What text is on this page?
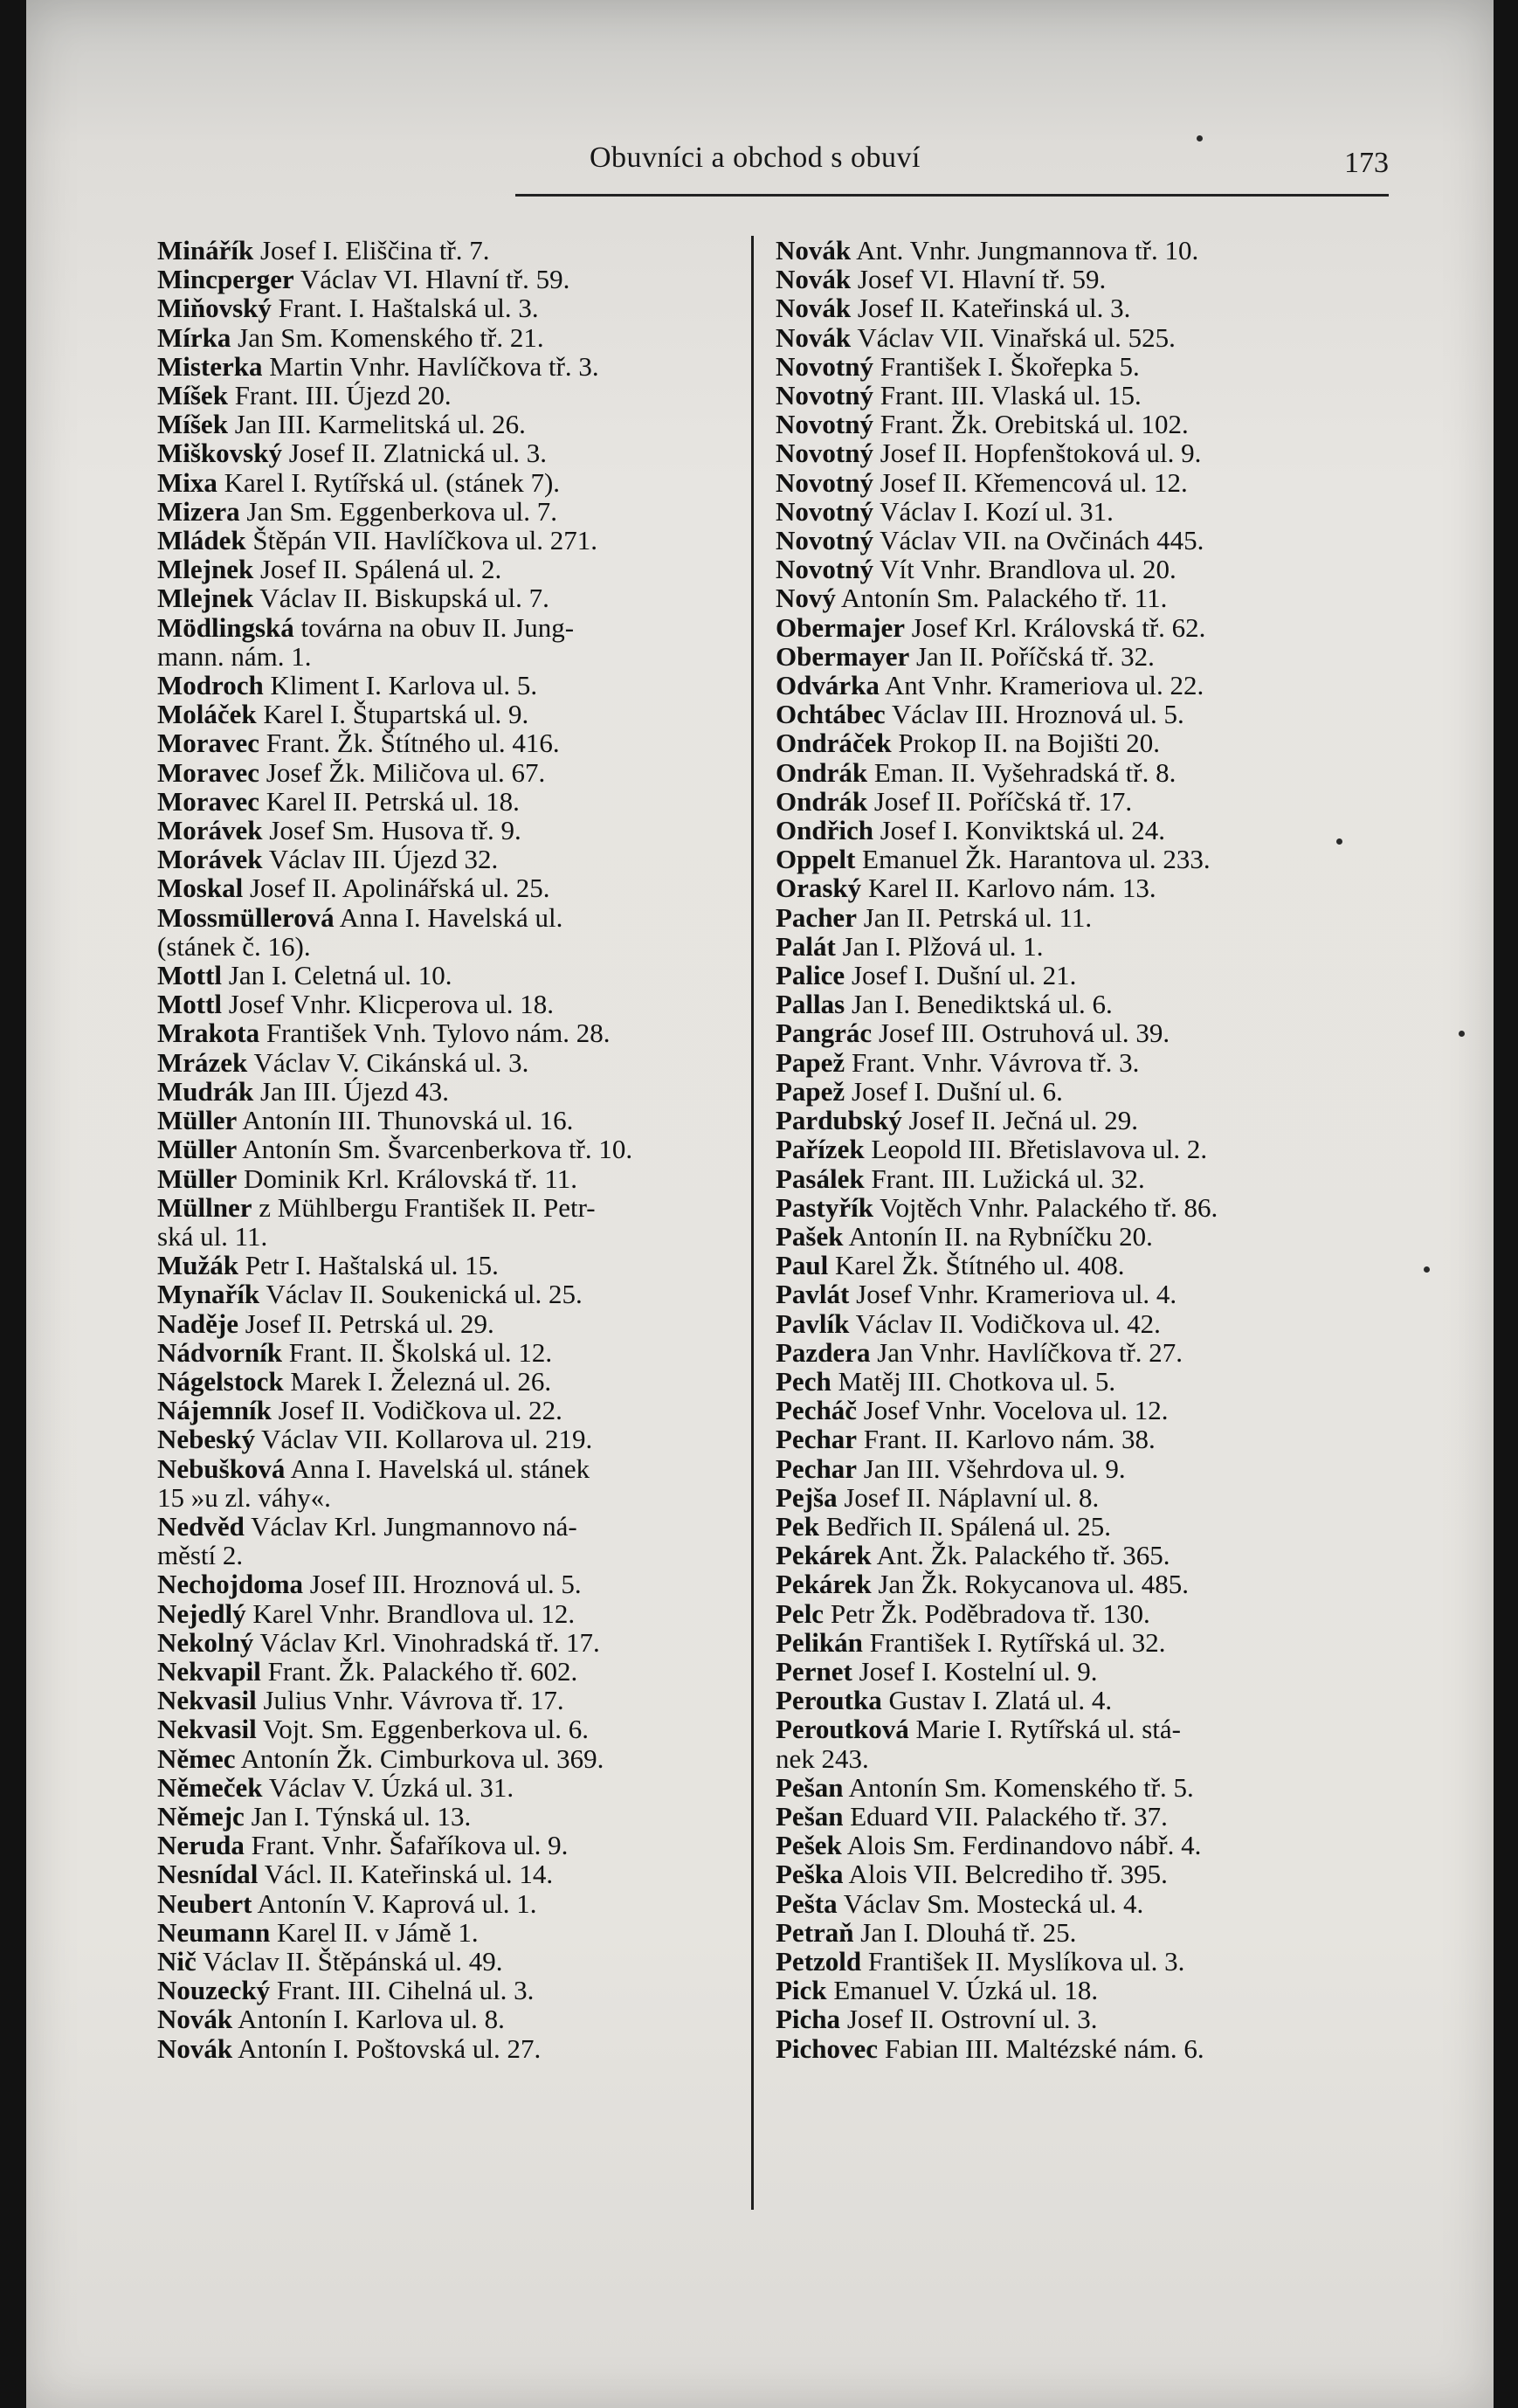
Obuvníci a obchod s obuví	173
Minářík Josef I. Eliščina tř. 7.
Mincperger Václav VI. Hlavní tř. 59.
Miňovský Frant. I. Haštalská ul. 3.
Mírka Jan Sm. Komenského tř. 21.
Misterka Martin Vnhr. Havlíčkova tř. 3.
Míšek Frant. III. Újezd 20.
Míšek Jan III. Karmelitská ul. 26.
Miškovský Josef II. Zlatnická ul. 3.
Mixa Karel I. Rytířská ul. (stánek 7).
Mizera Jan Sm. Eggenberkova ul. 7.
Mládek Štěpán VII. Havlíčkova ul. 271.
Mlejnek Josef II. Spálená ul. 2.
Mlejnek Václav II. Biskupská ul. 7.
Mödlingská továrna na obuv II. Jung-
mann. nám. 1.
Modroch Kliment I. Karlova ul. 5.
Moláček Karel I. Štupartská ul. 9.
Moravec Frant. Žk. Štítného ul. 416.
Moravec Josef Žk. Miličova ul. 67.
Moravec Karel II. Petrská ul. 18.
Morávek Josef Sm. Husova tř. 9.
Morávek Václav III. Újezd 32.
Moskal Josef II. Apolinářská ul. 25.
Mossmüllerová Anna I. Havelská ul.
(stánek č. 16).
Mottl Jan I. Celetná ul. 10.
Mottl Josef Vnhr. Klicperova ul. 18.
Mrakota František Vnh. Tylovo nám. 28.
Mrázek Václav V. Cikánská ul. 3.
Mudrák Jan III. Újezd 43.
Müller Antonín III. Thunovská ul. 16.
Müller Antonín Sm. Švarcenberkova tř. 10.
Müller Dominik Krl. Královská tř. 11.
Müllner z Mühlbergu František II. Petr-
ská ul. 11.
Mužák Petr I. Haštalská ul. 15.
Mynařík Václav II. Soukenická ul. 25.
Naděje Josef II. Petrská ul. 29.
Nádvorník Frant. II. Školská ul. 12.
Nágelstock Marek I. Železná ul. 26.
Nájemník Josef II. Vodičkova ul. 22.
Nebeský Václav VII. Kollarova ul. 219.
Nebušková Anna I. Havelská ul. stánek
15 »u zl. váhy«.
Nedvěd Václav Krl. Jungmannovo ná-
městí 2.
Nechojdoma Josef III. Hroznová ul. 5.
Nejedlý Karel Vnhr. Brandlova ul. 12.
Nekolný Václav Krl. Vinohradská tř. 17.
Nekvapil Frant. Žk. Palackého tř. 602.
Nekvasil Julius Vnhr. Vávrova tř. 17.
Nekvasil Vojt. Sm. Eggenberkova ul. 6.
Němec Antonín Žk. Cimburkova ul. 369.
Němeček Václav V. Úzká ul. 31.
Němejc Jan I. Týnská ul. 13.
Neruda Frant. Vnhr. Šafaříkova ul. 9.
Nesnídal Václ. II. Kateřinská ul. 14.
Neubert Antonín V. Kaprová ul. 1.
Neumann Karel II. v Jámě 1.
Nič Václav II. Štěpánská ul. 49.
Nouzecký Frant. III. Cihelná ul. 3.
Novák Antonín I. Karlova ul. 8.
Novák Antonín I. Poštovská ul. 27.
Novák Ant. Vnhr. Jungmannova tř. 10.
Novák Josef VI. Hlavní tř. 59.
Novák Josef II. Kateřinská ul. 3.
Novák Václav VII. Vinařská ul. 525.
Novotný František I. Škořepka 5.
Novotný Frant. III. Vlaská ul. 15.
Novotný Frant. Žk. Orebitská ul. 102.
Novotný Josef II. Hopfenštoková ul. 9.
Novotný Josef II. Křemencová ul. 12.
Novotný Václav I. Kozí ul. 31.
Novotný Václav VII. na Ovčinách 445.
Novotný Vít Vnhr. Brandlova ul. 20.
Nový Antonín Sm. Palackého tř. 11.
Obermajer Josef Krl. Královská tř. 62.
Obermayer Jan II. Poříčská tř. 32.
Odvárka Ant Vnhr. Krameriova ul. 22.
Ochtábec Václav III. Hroznová ul. 5.
Ondráček Prokop II. na Bojišti 20.
Ondrák Eman. II. Vyšehradská tř. 8.
Ondrák Josef II. Poříčská tř. 17.
Ondřich Josef I. Konviktská ul. 24.
Oppelt Emanuel Žk. Harantova ul. 233.
Oraský Karel II. Karlovo nám. 13.
Pacher Jan II. Petrská ul. 11.
Palát Jan I. Plžová ul. 1.
Palice Josef I. Dušní ul. 21.
Pallas Jan I. Benediktská ul. 6.
Pangrác Josef III. Ostruhová ul. 39.
Papež Frant. Vnhr. Vávrova tř. 3.
Papež Josef I. Dušní ul. 6.
Pardubský Josef II. Ječná ul. 29.
Pařízek Leopold III. Břetislavova ul. 2.
Pasálek Frant. III. Lužická ul. 32.
Pastyřík Vojtěch Vnhr. Palackého tř. 86.
Pašek Antonín II. na Rybníčku 20.
Paul Karel Žk. Štítného ul. 408.
Pavlát Josef Vnhr. Krameriova ul. 4.
Pavlík Václav II. Vodičkova ul. 42.
Pazdera Jan Vnhr. Havlíčkova tř. 27.
Pech Matěj III. Chotkova ul. 5.
Pecháč Josef Vnhr. Vocelova ul. 12.
Pechar Frant. II. Karlovo nám. 38.
Pechar Jan III. Všehrdova ul. 9.
Pejša Josef II. Náplavní ul. 8.
Pek Bedřich II. Spálená ul. 25.
Pekárek Ant. Žk. Palackého tř. 365.
Pekárek Jan Žk. Rokycanova ul. 485.
Pelc Petr Žk. Poděbradova tř. 130.
Pelikán František I. Rytířská ul. 32.
Pernet Josef I. Kostelní ul. 9.
Peroutka Gustav I. Zlatá ul. 4.
Peroutková Marie I. Rytířská ul. stá-
nek 243.
Pešan Antonín Sm. Komenského tř. 5.
Pešan Eduard VII. Palackého tř. 37.
Pešek Alois Sm. Ferdinandovo nábř. 4.
Peška Alois VII. Belcrediho tř. 395.
Pešta Václav Sm. Mostecká ul. 4.
Petraň Jan I. Dlouhá tř. 25.
Petzold František II. Myslíkova ul. 3.
Pick Emanuel V. Úzká ul. 18.
Picha Josef II. Ostrovní ul. 3.
Pichovec Fabian III. Maltézské nám. 6.
